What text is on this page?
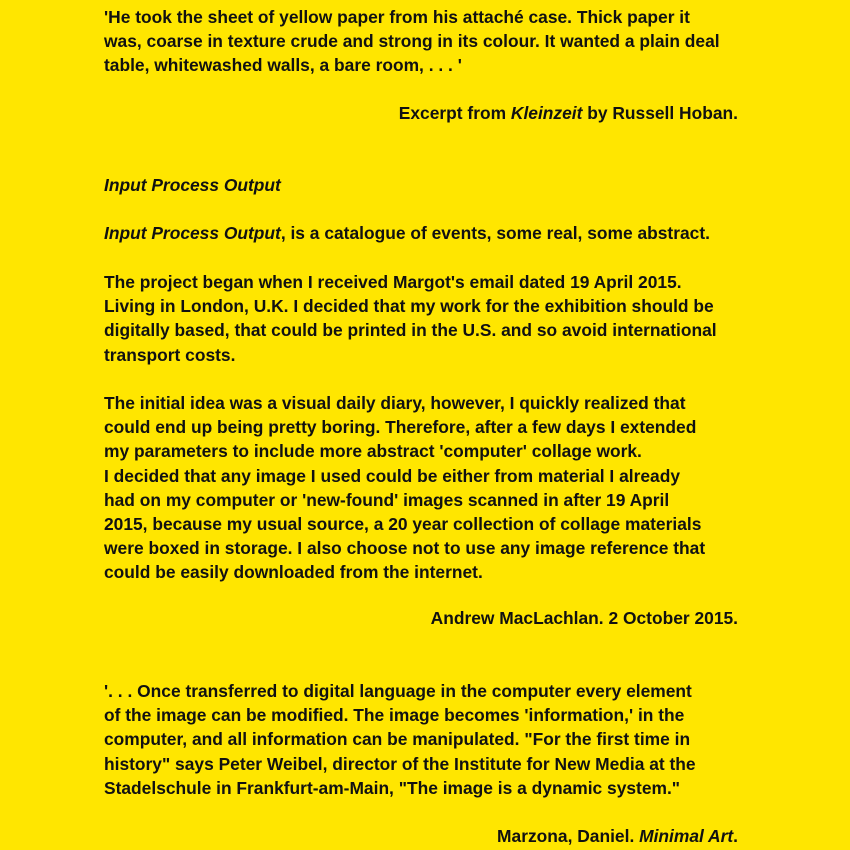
'He took the sheet of yellow paper from his attaché case. Thick paper it
was, coarse in texture crude and strong in its colour. It wanted a plain deal
table, whitewashed walls, a bare room, . . . '

Excerpt from Kleinzeit by Russell Hoban.
Input Process Output
Input Process Output, is a catalogue of events, some real, some abstract.

The project began when I received Margot's email dated 19 April 2015.
Living in London, U.K. I decided that my work for the exhibition should be
digitally based, that could be printed in the U.S. and so avoid international
transport costs.

The initial idea was a visual daily diary, however, I quickly realized that
could end up being pretty boring. Therefore, after a few days I extended
my parameters to include more abstract 'computer' collage work.
I decided that any image I used could be either from material I already
had on my computer or 'new-found' images scanned in after 19 April
2015, because my usual source, a 20 year collection of collage materials
were boxed in storage. I also choose not to use any image reference that
could be easily downloaded from the internet.

Andrew MacLachlan. 2 October 2015.

'. . . Once transferred to digital language in the computer every element
of the image can be modified. The image becomes 'information,' in the
computer, and all information can be manipulated. "For the first time in
history" says Peter Weibel, director of the Institute for New Media at the
Stadelschule in Frankfurt-am-Main, "The image is a dynamic system."

Marzona, Daniel. Minimal Art.
